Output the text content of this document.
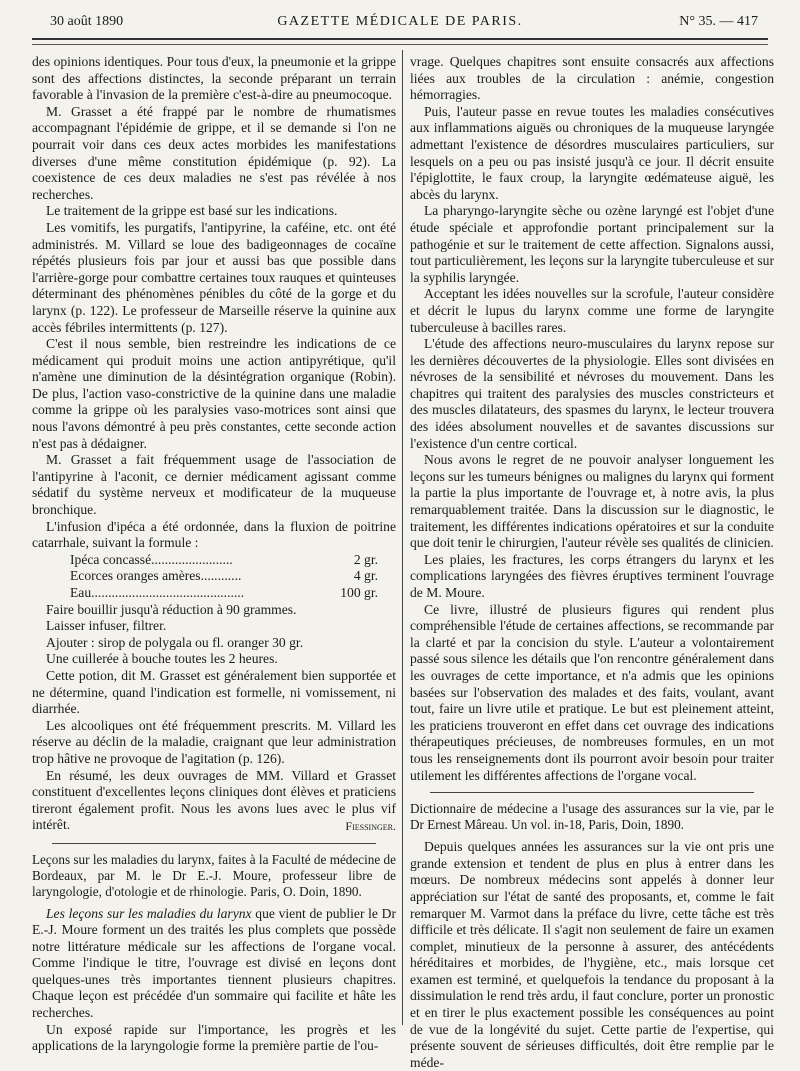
30 août 1890	GAZETTE MÉDICALE DE PARIS.	N° 35. — 417

des opinions identiques. Pour tous d'eux, la pneumonie et la grippe sont des affections distinctes, la seconde préparant un terrain favorable à l'invasion de la première c'est-à-dire au pneumocoque.

M. Grasset a été frappé par le nombre de rhumatismes accompagnant l'épidémie de grippe, et il se demande si l'on ne pourrait voir dans ces deux actes morbides les manifestations diverses d'une même constitution épidémique (p. 92). La coexistence de ces deux maladies ne s'est pas révélée à nos recherches.

Le traitement de la grippe est basé sur les indications.

Les vomitifs, les purgatifs, l'antipyrine, la caféine, etc. ont été administrés. M. Villard se loue des badigeonnages de cocaïne répétés plusieurs fois par jour et aussi bas que possible dans l'arrière-gorge pour combattre certaines toux rauques et quinteuses déterminant des phénomènes pénibles du côté de la gorge et du larynx (p. 122). Le professeur de Marseille réserve la quinine aux accès fébriles intermittents (p. 127).

C'est il nous semble, bien restreindre les indications de ce médicament qui produit moins une action antipyrétique, qu'il n'amène une diminution de la désintégration organique (Robin). De plus, l'action vaso-constrictive de la quinine dans une maladie comme la grippe où les paralysies vaso-motrices sont ainsi que nous l'avons démontré à peu près constantes, cette seconde action n'est pas à dédaigner.

M. Grasset a fait fréquemment usage de l'association de l'antipyrine à l'aconit, ce dernier médicament agissant comme sédatif du système nerveux et modificateur de la muqueuse bronchique.

L'infusion d'ipéca a été ordonnée, dans la fluxion de poitrine catarrhale, suivant la formule :

Ipéca concassé........................	2 gr.
Ecorces oranges amères............	4 gr.
Eau.............................................	100 gr.

Faire bouillir jusqu'à réduction à 90 grammes.

Laisser infuser, filtrer.

Ajouter : sirop de polygala ou fl. oranger 30 gr.

Une cuillerée à bouche toutes les 2 heures.

Cette potion, dit M. Grasset est généralement bien supportée et ne détermine, quand l'indication est formelle, ni vomissement, ni diarrhée.

Les alcooliques ont été fréquemment prescrits. M. Villard les réserve au déclin de la maladie, craignant que leur administration trop hâtive ne provoque de l'agitation (p. 126).

En résumé, les deux ouvrages de MM. Villard et Grasset constituent d'excellentes leçons cliniques dont élèves et praticiens tireront également profit. Nous les avons lues avec le plus vif intérêt.	Fiessinger.

Leçons sur les maladies du larynx, faites à la Faculté de médecine de Bordeaux, par M. le Dr E.-J. Moure, professeur libre de laryngologie, d'otologie et de rhinologie. Paris, O. Doin, 1890.

Les leçons sur les maladies du larynx que vient de publier le Dr E.-J. Moure forment un des traités les plus complets que possède notre littérature médicale sur les affections de l'organe vocal. Comme l'indique le titre, l'ouvrage est divisé en leçons dont quelques-unes très importantes tiennent plusieurs chapitres. Chaque leçon est précédée d'un sommaire qui facilite et hâte les recherches.

Un exposé rapide sur l'importance, les progrès et les applications de la laryngologie forme la première partie de l'ou-

vrage. Quelques chapitres sont ensuite consacrés aux affections liées aux troubles de la circulation : anémie, congestion hémorragies.

Puis, l'auteur passe en revue toutes les maladies consécutives aux inflammations aiguës ou chroniques de la muqueuse laryngée admettant l'existence de désordres musculaires particuliers, sur lesquels on a peu ou pas insisté jusqu'à ce jour. Il décrit ensuite l'épiglottite, le faux croup, la laryngite œdémateuse aiguë, les abcès du larynx.

La pharyngo-laryngite sèche ou ozène laryngé est l'objet d'une étude spéciale et approfondie portant principalement sur la pathogénie et sur le traitement de cette affection. Signalons aussi, tout particulièrement, les leçons sur la laryngite tuberculeuse et sur la syphilis laryngée.

Acceptant les idées nouvelles sur la scrofule, l'auteur considère et décrit le lupus du larynx comme une forme de laryngite tuberculeuse à bacilles rares.

L'étude des affections neuro-musculaires du larynx repose sur les dernières découvertes de la physiologie. Elles sont divisées en névroses de la sensibilité et névroses du mouvement. Dans les chapitres qui traitent des paralysies des muscles constricteurs et des muscles dilatateurs, des spasmes du larynx, le lecteur trouvera des idées absolument nouvelles et de savantes discussions sur l'existence d'un centre cortical.

Nous avons le regret de ne pouvoir analyser longuement les leçons sur les tumeurs bénignes ou malignes du larynx qui forment la partie la plus importante de l'ouvrage et, à notre avis, la plus remarquablement traitée. Dans la discussion sur le diagnostic, le traitement, les différentes indications opératoires et sur la conduite que doit tenir le chirurgien, l'auteur révèle ses qualités de clinicien.

Les plaies, les fractures, les corps étrangers du larynx et les complications laryngées des fièvres éruptives terminent l'ouvrage de M. Moure.

Ce livre, illustré de plusieurs figures qui rendent plus compréhensible l'étude de certaines affections, se recommande par la clarté et par la concision du style. L'auteur a volontairement passé sous silence les détails que l'on rencontre généralement dans les ouvrages de cette importance, et n'a admis que les opinions basées sur l'observation des malades et des faits, voulant, avant tout, faire un livre utile et pratique. Le but est pleinement atteint, les praticiens trouveront en effet dans cet ouvrage des indications thérapeutiques précieuses, de nombreuses formules, en un mot tous les renseignements dont ils pourront avoir besoin pour traiter utilement les différentes affections de l'organe vocal.

Dictionnaire de médecine a l'usage des assurances sur la vie, par le Dr Ernest Mâreau. Un vol. in-18, Paris, Doin, 1890.

Depuis quelques années les assurances sur la vie ont pris une grande extension et tendent de plus en plus à entrer dans les mœurs. De nombreux médecins sont appelés à donner leur appréciation sur l'état de santé des proposants, et, comme le fait remarquer M. Varmot dans la préface du livre, cette tâche est très difficile et très délicate. Il s'agit non seulement de faire un examen complet, minutieux de la personne à assurer, des antécédents héréditaires et morbides, de l'hygiène, etc., mais lorsque cet examen est terminé, et quelquefois la tendance du proposant à la dissimulation le rend très ardu, il faut conclure, porter un pronostic et en tirer le plus exactement possible les conséquences au point de vue de la longévité du sujet. Cette partie de l'expertise, qui présente souvent de sérieuses difficultés, doit être remplie par le méde-
